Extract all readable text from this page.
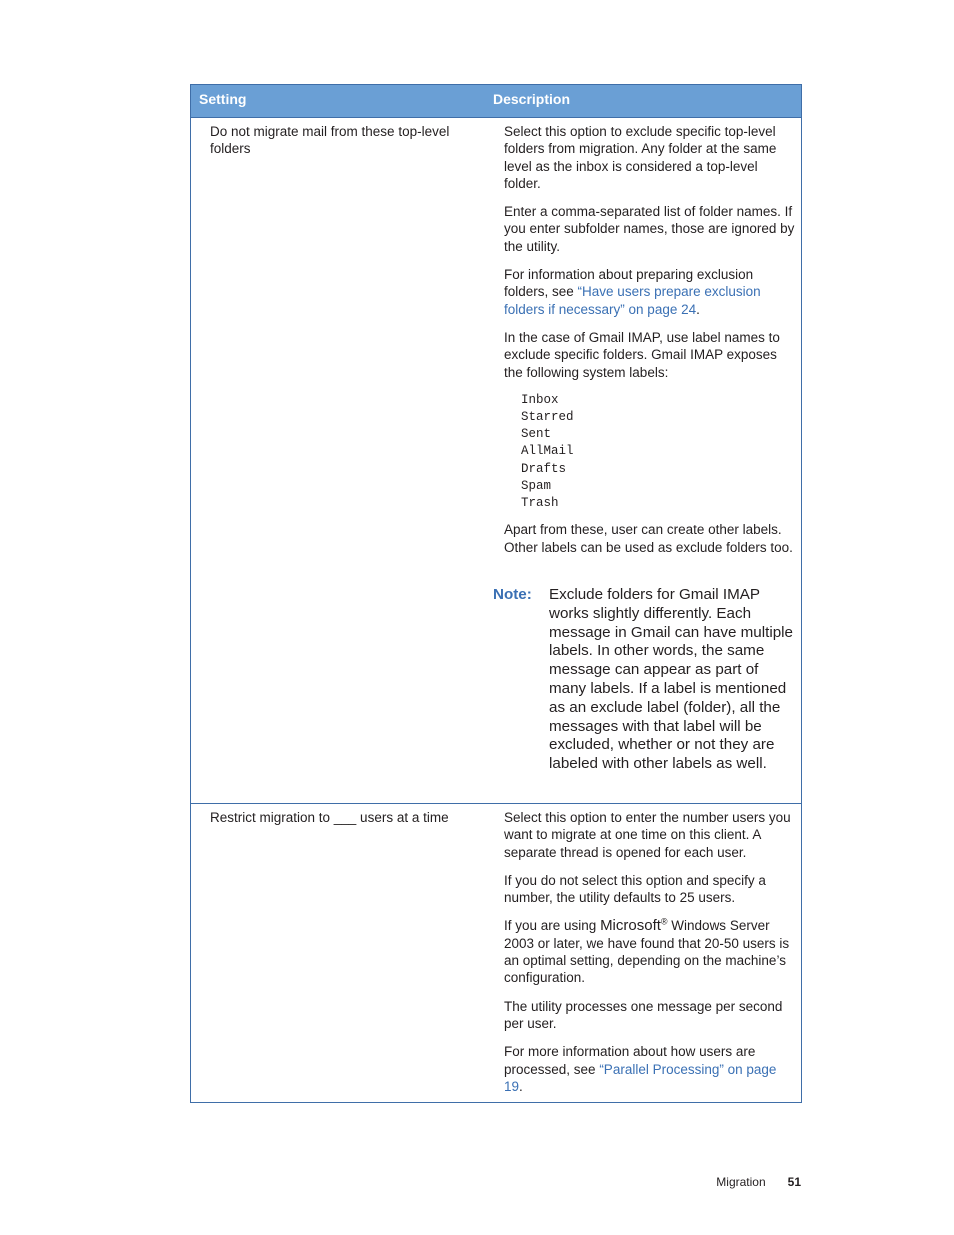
Setting	Description
Do not migrate mail from these top-level folders

Select this option to exclude specific top-level folders from migration. Any folder at the same level as the inbox is considered a top-level folder.

Enter a comma-separated list of folder names. If you enter subfolder names, those are ignored by the utility.

For information about preparing exclusion folders, see “Have users prepare exclusion folders if necessary” on page 24.

In the case of Gmail IMAP, use label names to exclude specific folders. Gmail IMAP exposes the following system labels:

Inbox
Starred
Sent
AllMail
Drafts
Spam
Trash

Apart from these, user can create other labels. Other labels can be used as exclude folders too.

Note: Exclude folders for Gmail IMAP works slightly differently. Each message in Gmail can have multiple labels. In other words, the same message can appear as part of many labels. If a label is mentioned as an exclude label (folder), all the messages with that label will be excluded, whether or not they are labeled with other labels as well.
Restrict migration to ___ users at a time	Select this option to enter the number users you want to migrate at one time on this client. A separate thread is opened for each user.

If you do not select this option and specify a number, the utility defaults to 25 users.

If you are using Microsoft® Windows Server 2003 or later, we have found that 20-50 users is an optimal setting, depending on the machine’s configuration.

The utility processes one message per second per user.

For more information about how users are processed, see “Parallel Processing” on page 19.

Migration 51
